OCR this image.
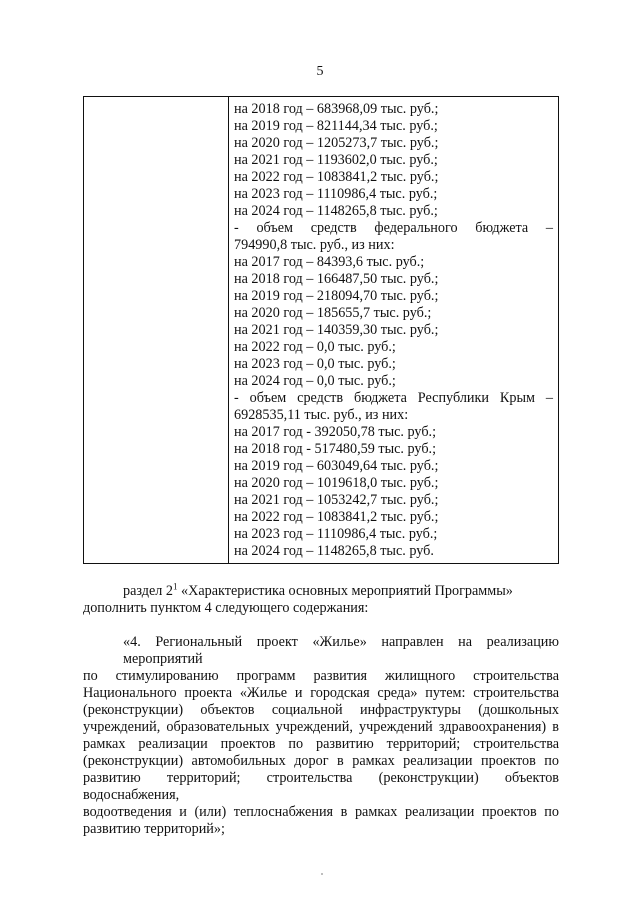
5

на 2018 год – 683968,09 тыс. руб.;
на 2019 год – 821144,34 тыс. руб.;
на 2020 год – 1205273,7 тыс. руб.;
на 2021 год – 1193602,0 тыс. руб.;
на 2022 год – 1083841,2 тыс. руб.;
на 2023 год – 1110986,4 тыс. руб.;
на 2024 год – 1148265,8 тыс. руб.;
- объем средств федерального бюджета –
794990,8 тыс. руб., из них:
на 2017 год – 84393,6 тыс. руб.;
на 2018 год – 166487,50 тыс. руб.;
на 2019 год – 218094,70 тыс. руб.;
на 2020 год – 185655,7 тыс. руб.;
на 2021 год – 140359,30 тыс. руб.;
на 2022 год – 0,0 тыс. руб.;
на 2023 год – 0,0 тыс. руб.;
на 2024 год – 0,0 тыс. руб.;
- объем средств бюджета Республики Крым –
6928535,11 тыс. руб., из них:
на 2017 год - 392050,78 тыс. руб.;
на 2018 год - 517480,59 тыс. руб.;
на 2019 год – 603049,64 тыс. руб.;
на 2020 год – 1019618,0 тыс. руб.;
на 2021 год – 1053242,7 тыс. руб.;
на 2022 год – 1083841,2 тыс. руб.;
на 2023 год – 1110986,4 тыс. руб.;
на 2024 год – 1148265,8 тыс. руб.
раздел $2^1$ «Характеристика основных мероприятий Программы»
дополнить пунктом 4 следующего содержания:
«4. Региональный проект «Жилье» направлен на реализацию мероприятий
по стимулированию программ развития жилищного строительства
Национального проекта «Жилье и городская среда» путем: строительства
(реконструкции) объектов социальной инфраструктуры (дошкольных
учреждений, образовательных учреждений, учреждений здравоохранения) в
рамках реализации проектов по развитию территорий; строительства
(реконструкции) автомобильных дорог в рамках реализации проектов по
развитию территорий; строительства (реконструкции) объектов водоснабжения,
водоотведения и (или) теплоснабжения в рамках реализации проектов по
развитию территорий»;
